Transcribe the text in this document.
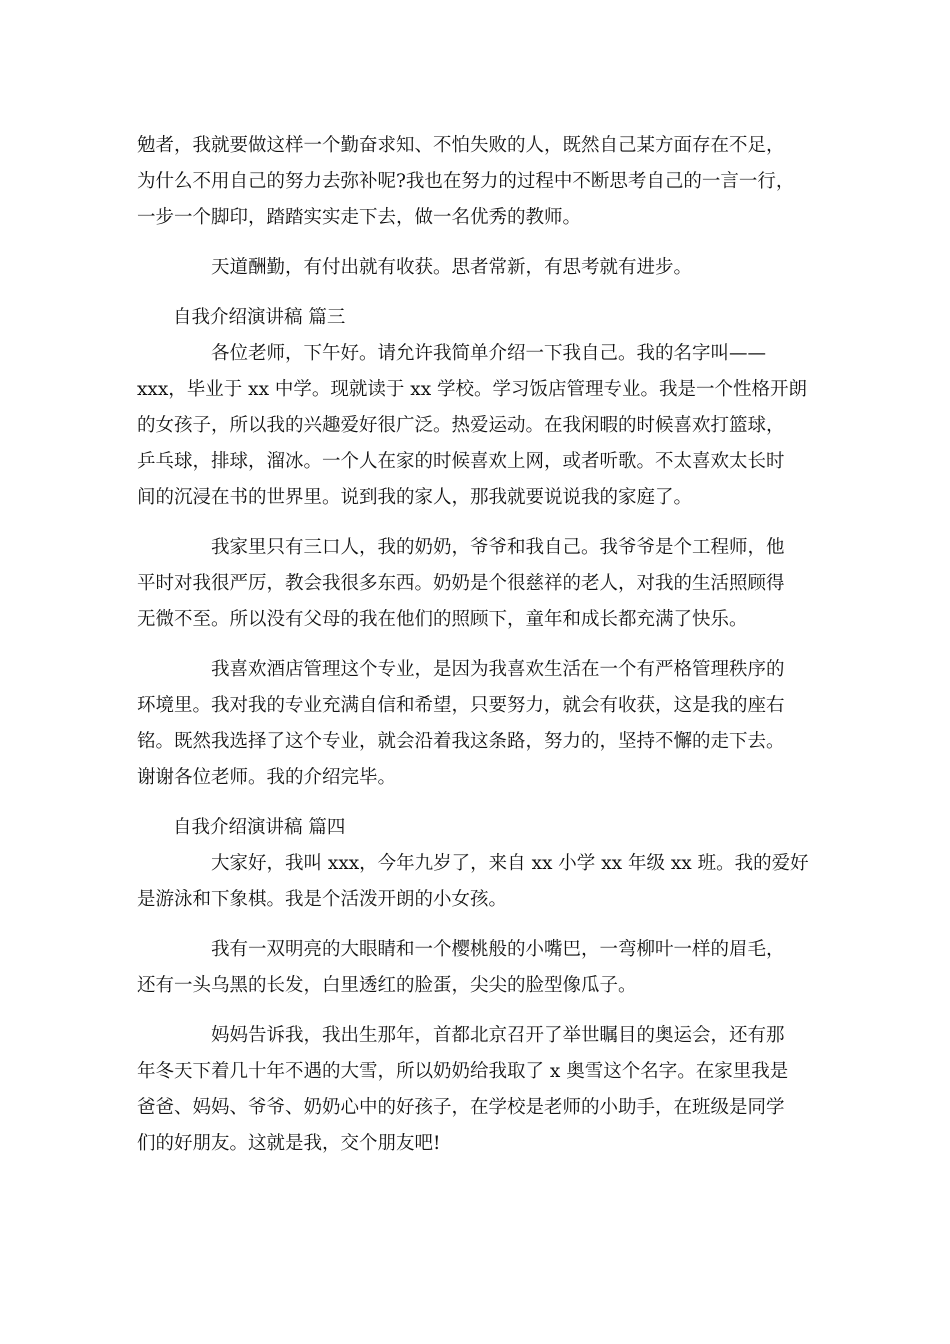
勉者，我就要做这样一个勤奋求知、不怕失败的人，既然自己某方面存在不足，
为什么不用自己的努力去弥补呢?我也在努力的过程中不断思考自己的一言一行，
一步一个脚印，踏踏实实走下去，做一名优秀的教师。

天道酬勤，有付出就有收获。思者常新，有思考就有进步。

自我介绍演讲稿 篇三

各位老师，下午好。请允许我简单介绍一下我自己。我的名字叫——
xxx，毕业于 xx 中学。现就读于 xx 学校。学习饭店管理专业。我是一个性格开朗
的女孩子，所以我的兴趣爱好很广泛。热爱运动。在我闲暇的时候喜欢打篮球，
乒乓球，排球，溜冰。一个人在家的时候喜欢上网，或者听歌。不太喜欢太长时
间的沉浸在书的世界里。说到我的家人，那我就要说说我的家庭了。

我家里只有三口人，我的奶奶，爷爷和我自己。我爷爷是个工程师，他
平时对我很严厉，教会我很多东西。奶奶是个很慈祥的老人，对我的生活照顾得
无微不至。所以没有父母的我在他们的照顾下，童年和成长都充满了快乐。

我喜欢酒店管理这个专业，是因为我喜欢生活在一个有严格管理秩序的
环境里。我对我的专业充满自信和希望，只要努力，就会有收获，这是我的座右
铭。既然我选择了这个专业，就会沿着我这条路，努力的，坚持不懈的走下去。
谢谢各位老师。我的介绍完毕。

自我介绍演讲稿 篇四

大家好，我叫 xxx，今年九岁了，来自 xx 小学 xx 年级 xx 班。我的爱好
是游泳和下象棋。我是个活泼开朗的小女孩。

我有一双明亮的大眼睛和一个樱桃般的小嘴巴，一弯柳叶一样的眉毛，
还有一头乌黑的长发，白里透红的脸蛋，尖尖的脸型像瓜子。

妈妈告诉我，我出生那年，首都北京召开了举世瞩目的奥运会，还有那
年冬天下着几十年不遇的大雪，所以奶奶给我取了 x 奥雪这个名字。在家里我是
爸爸、妈妈、爷爷、奶奶心中的好孩子，在学校是老师的小助手，在班级是同学
们的好朋友。这就是我，交个朋友吧!
